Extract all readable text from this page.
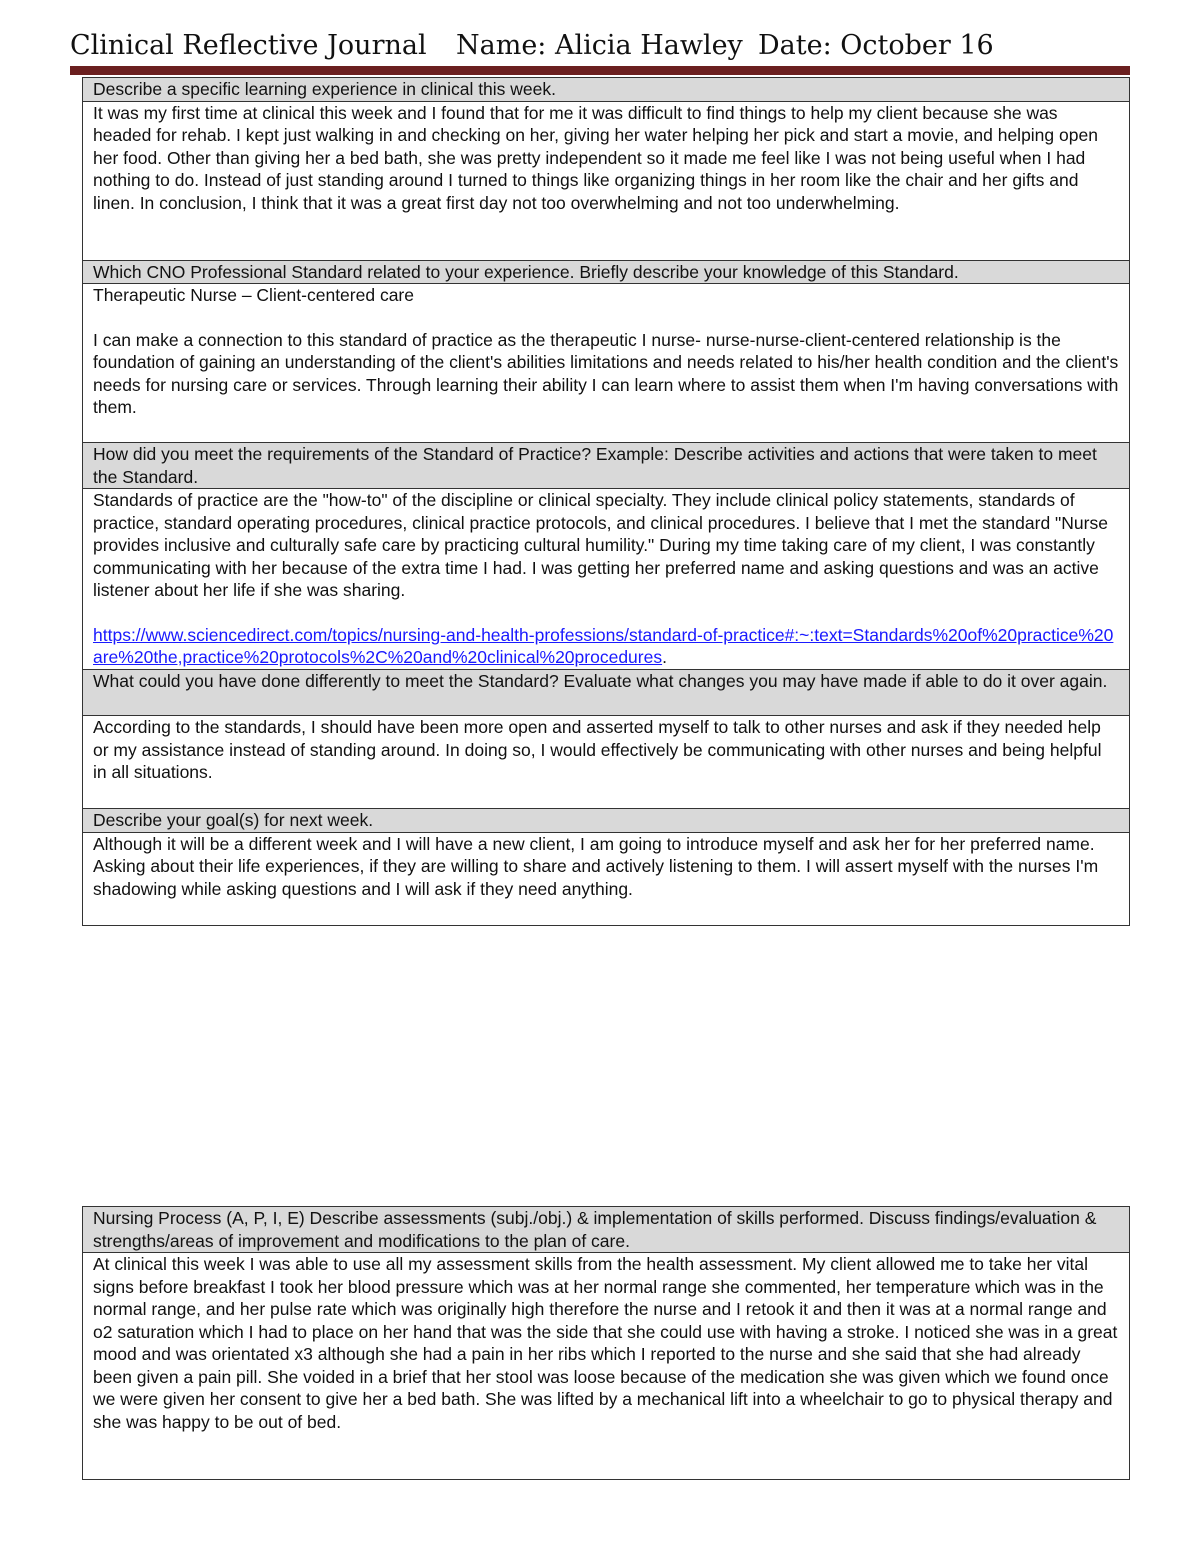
Clinical Reflective Journal Name: Alicia Hawley Date: October 16
Describe a specific learning experience in clinical this week.

It was my first time at clinical this week and I found that for me it was difficult to find things to help my client because she was headed for rehab. I kept just walking in and checking on her, giving her water helping her pick and start a movie, and helping open her food. Other than giving her a bed bath, she was pretty independent so it made me feel like I was not being useful when I had nothing to do. Instead of just standing around I turned to things like organizing things in her room like the chair and her gifts and linen. In conclusion, I think that it was a great first day not too overwhelming and not too underwhelming.

Which CNO Professional Standard related to your experience. Briefly describe your knowledge of this Standard.

Therapeutic Nurse – Client-centered care

I can make a connection to this standard of practice as the therapeutic I nurse- nurse-nurse-client-centered relationship is the foundation of gaining an understanding of the client's abilities limitations and needs related to his/her health condition and the client's needs for nursing care or services. Through learning their ability I can learn where to assist them when I'm having conversations with them.

How did you meet the requirements of the Standard of Practice? Example: Describe activities and actions that were taken to meet the Standard.

Standards of practice are the "how-to" of the discipline or clinical specialty. They include clinical policy statements, standards of practice, standard operating procedures, clinical practice protocols, and clinical procedures. I believe that I met the standard "Nurse provides inclusive and culturally safe care by practicing cultural humility." During my time taking care of my client, I was constantly communicating with her because of the extra time I had. I was getting her preferred name and asking questions and was an active listener about her life if she was sharing.

https://www.sciencedirect.com/topics/nursing-and-health-professions/standard-of-practice#:~:text=Standards%20of%20practice%20are%20the,practice%20protocols%2C%20and%20clinical%20procedures.

What could you have done differently to meet the Standard? Evaluate what changes you may have made if able to do it over again.

According to the standards, I should have been more open and asserted myself to talk to other nurses and ask if they needed help or my assistance instead of standing around. In doing so, I would effectively be communicating with other nurses and being helpful in all situations.

Describe your goal(s) for next week.

Although it will be a different week and I will have a new client, I am going to introduce myself and ask her for her preferred name. Asking about their life experiences, if they are willing to share and actively listening to them. I will assert myself with the nurses I'm shadowing while asking questions and I will ask if they need anything.

Nursing Process (A, P, I, E) Describe assessments (subj./obj.) & implementation of skills performed. Discuss findings/evaluation & strengths/areas of improvement and modifications to the plan of care.

At clinical this week I was able to use all my assessment skills from the health assessment. My client allowed me to take her vital signs before breakfast I took her blood pressure which was at her normal range she commented, her temperature which was in the normal range, and her pulse rate which was originally high therefore the nurse and I retook it and then it was at a normal range and o2 saturation which I had to place on her hand that was the side that she could use with having a stroke. I noticed she was in a great mood and was orientated x3 although she had a pain in her ribs which I reported to the nurse and she said that she had already been given a pain pill. She voided in a brief that her stool was loose because of the medication she was given which we found once we were given her consent to give her a bed bath. She was lifted by a mechanical lift into a wheelchair to go to physical therapy and she was happy to be out of bed.
